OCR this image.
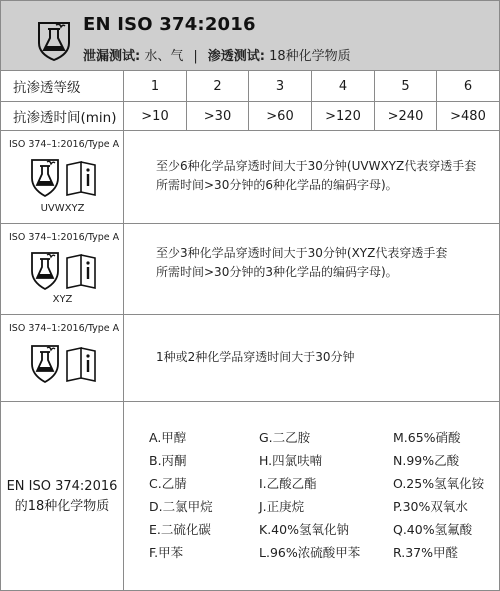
EN ISO 374:2016
泄漏测试: 水、气 | 渗透测试: 18种化学物质
抗渗透等级	1	2	3	4	5	6
抗渗透时间(min)	>10	>30	>60	>120	>240	>480
ISO 374–1:2016/Type A
UVWXYZ
至少6种化学品穿透时间大于30分钟(UVWXYZ代表穿透手套
所需时间>30分钟的6种化学品的编码字母)。
ISO 374–1:2016/Type A
XYZ
至少3种化学品穿透时间大于30分钟(XYZ代表穿透手套
所需时间>30分钟的3种化学品的编码字母)。
ISO 374–1:2016/Type A
1种或2种化学品穿透时间大于30分钟
EN ISO 374:2016
的18种化学物质
A.甲醇	G.二乙胺	M.65%硝酸
B.丙酮	H.四氯呋喃	N.99%乙酸
C.乙腈	I.乙酸乙酯	O.25%氢氧化铵
D.二氯甲烷	J.正庚烷	P.30%双氧水
E.二硫化碳	K.40%氢氧化钠	Q.40%氢氟酸
F.甲苯	L.96%浓硫酸甲苯	R.37%甲醛
